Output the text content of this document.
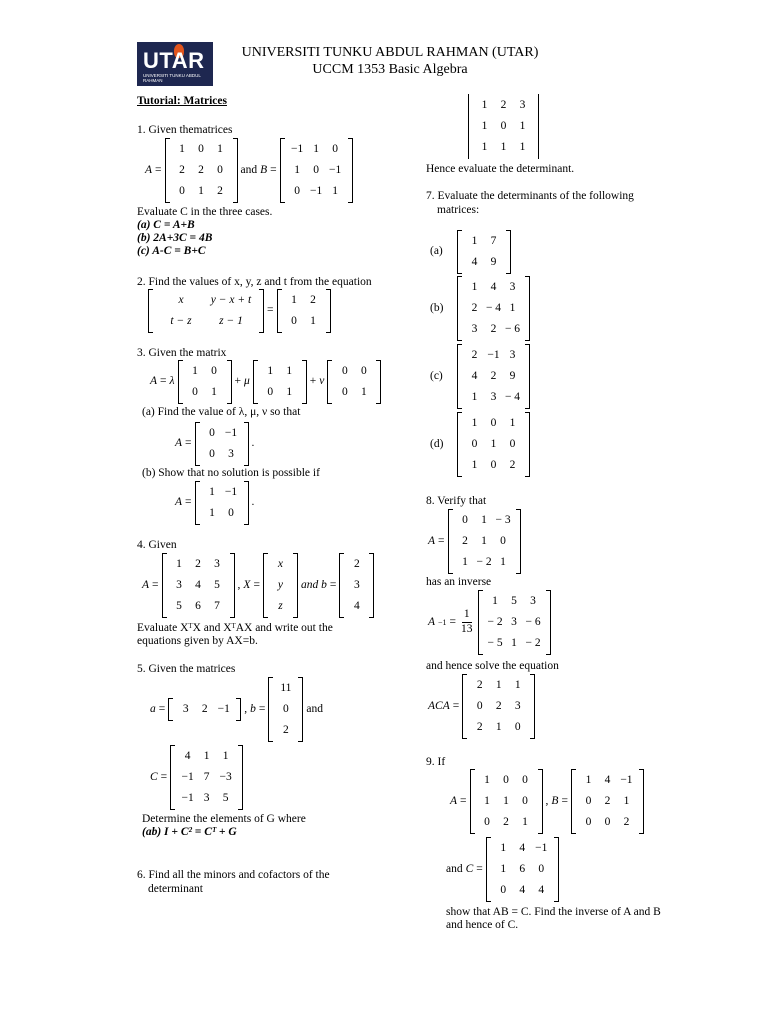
UTAR
UNIVERSITI TUNKU ABDUL RAHMAN
UNIVERSITI TUNKU ABDUL RAHMAN (UTAR)
UCCM 1353 Basic Algebra
Tutorial: Matrices
1. Given thematrices
A =
1	0	1
2	2	0
0	1	2
and B =
−1 1	0
1	0 −1
0 −1 1
Evaluate C in the three cases.
(a) C = A+B
(b) 2A+3C = 4B
(c) A-C = B+C
2. Find the values of x, y, z and t from the equation
x	y − x + t
t − z	z − 1
=
1	2
0	1
3. Given the matrix
A = λ
1	0
0	1
+ μ
1	1
0	1
+ ν
0	0
0	1
(a) Find the value of λ, μ, ν so that
A =
0 −1
0	3
.
(b) Show that no solution is possible if
A =
1 −1
1	0
.
4. Given
A =
1	2	3
3	4	5
5	6	7
, X =
x
y
z
and b =
2
3
4
Evaluate XᵀX and XᵀAX and write out the
equations given by AX=b.
5. Given the matrices
a =	3	2 −1 , b =
11
0
2
and
C =
4	1	1
−1 7 −3
−1 3	5
Determine the elements of G where
(ab) I + C² = Cᵀ + G
6. Find all the minors and cofactors of the
determinant
1	2	3
1	0	1
1	1	1
Hence evaluate the determinant.
7. Evaluate the determinants of the following
matrices:
(a)
1	7
4	9
(b)
1	4	3
2 − 4 1
3	2 − 6
(c)
2 −1 3
4	2	9
1	3 − 4
(d)
1	0	1
0	1	0
1	0	2
8. Verify that
A =
0	1 − 3
2	1	0
1 − 2 1
has an inverse
$A -1 = \frac{1}{13}$
1	5	3
− 2 3 − 6
− 5 1 − 2
and hence solve the equation
ACA =
2	1	1
0	2	3
2	1	0
9. If
A =
1	0	0
1	1	0
0	2	1
, B =
1	4 −1
0	2	1
0	0	2
and C =
1	4 −1
1	6	0
0	4	4
show that AB = C. Find the inverse of A and B
and hence of C.
